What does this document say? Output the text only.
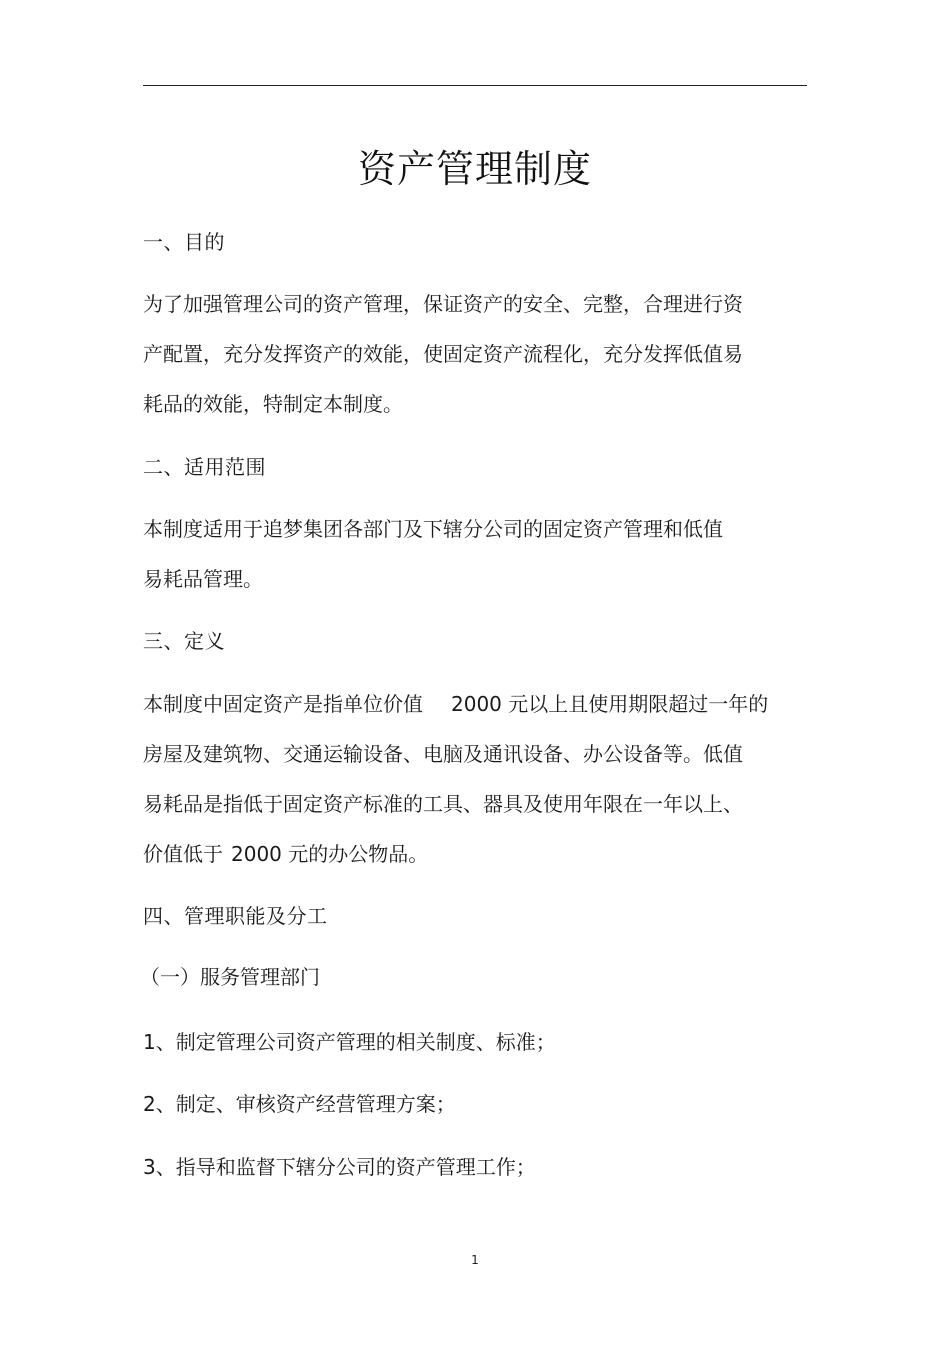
资产管理制度
一、目的
为了加强管理公司的资产管理，保证资产的安全、完整，合理进行资
产配置，充分发挥资产的效能，使固定资产流程化，充分发挥低值易
耗品的效能，特制定本制度。
二、适用范围
本制度适用于追梦集团各部门及下辖分公司的固定资产管理和低值
易耗品管理。
三、定义
本制度中固定资产是指单位价值 2000 元以上且使用期限超过一年的
房屋及建筑物、交通运输设备、电脑及通讯设备、办公设备等。低值
易耗品是指低于固定资产标准的工具、器具及使用年限在一年以上、
价值低于 2000 元的办公物品。
四、管理职能及分工
（一）服务管理部门
1、制定管理公司资产管理的相关制度、标准；
2、制定、审核资产经营管理方案；
3、指导和监督下辖分公司的资产管理工作；
1
